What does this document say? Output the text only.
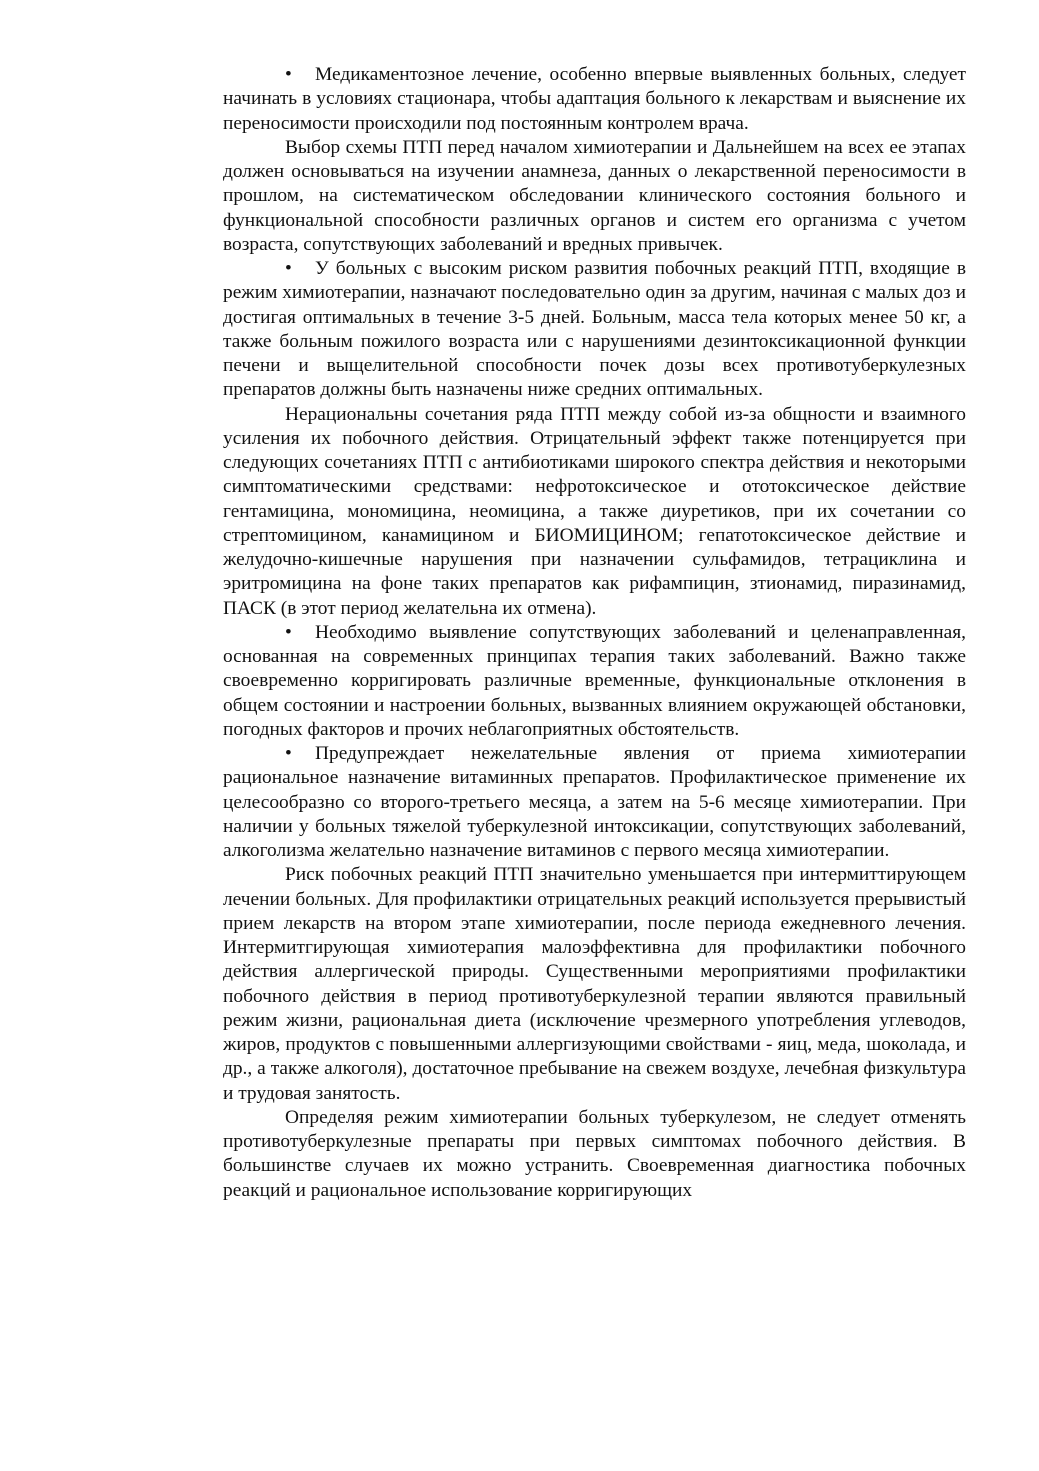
• Медикаментозное лечение, особенно впервые выявленных больных, следует начинать в условиях стационара, чтобы адаптация больного к лекарствам и выяснение их переносимости происходили под постоянным контролем врача.

Выбор схемы ПТП перед началом химиотерапии и Дальнейшем на всех ее этапах должен основываться на изучении анамнеза, данных о лекарственной переносимости в прошлом, на систематическом обследовании клинического состояния больного и функциональной способности различных органов и систем его организма с учетом возраста, сопутствующих заболеваний и вредных привычек.

• У больных с высоким риском развития побочных реакций ПТП, входящие в режим химиотерапии, назначают последовательно один за другим, начиная с малых доз и достигая оптимальных в течение 3-5 дней. Больным, масса тела которых менее 50 кг, а также больным пожилого возраста или с нарушениями дезинтоксикационной функции печени и выщелительной способности почек дозы всех противотуберкулезных препаратов должны быть назначены ниже средних оптимальных.

Нерациональны сочетания ряда ПТП между собой из-за общности и взаимного усиления их побочного действия. Отрицательный эффект также потенцируется при следующих сочетаниях ПТП с антибиотиками широкого спектра действия и некоторыми симптоматическими средствами: нефротоксическое и ототоксическое действие гентамицина, мономицина, неомицина, а также диуретиков, при их сочетании со стрептомицином, канамицином и БИОМИЦИНОМ; гепатотоксическое действие и желудочно-кишечные нарушения при назначении сульфамидов, тетрациклина и эритромицина на фоне таких препаратов как рифампицин, зтионамид, пиразинамид, ПАСК (в этот период желательна их отмена).

• Необходимо выявление сопутствующих заболеваний и целенаправленная, основанная на современных принципах терапия таких заболеваний. Важно также своевременно корригировать различные временные, функциональные отклонения в общем состоянии и настроении больных, вызванных влиянием окружающей обстановки, погодных факторов и прочих неблагоприятных обстоятельств.

• Предупреждает нежелательные явления от приема химиотерапии рациональное назначение витаминных препаратов. Профилактическое применение их целесообразно со второго-третьего месяца, а затем на 5-6 месяце химиотерапии. При наличии у больных тяжелой туберкулезной интоксикации, сопутствующих заболеваний, алкоголизма желательно назначение витаминов с первого месяца химиотерапии.

Риск побочных реакций ПТП значительно уменьшается при интермиттирующем лечении больных. Для профилактики отрицательных реакций используется прерывистый прием лекарств на втором этапе химиотерапии, после периода ежедневного лечения. Интермитгирующая химиотерапия малоэффективна для профилактики побочного действия аллергической природы. Существенными мероприятиями профилактики побочного действия в период противотуберкулезной терапии являются правильный режим жизни, рациональная диета (исключение чрезмерного употребления углеводов, жиров, продуктов с повышенными аллергизующими свойствами - яиц, меда, шоколада, и др., а также алкоголя), достаточное пребывание на свежем воздухе, лечебная физкультура и трудовая занятость.

Определяя режим химиотерапии больных туберкулезом, не следует отменять противотуберкулезные препараты при первых симптомах побочного действия. В большинстве случаев их можно устранить. Своевременная диагностика побочных реакций и рациональное использование корригирующих
